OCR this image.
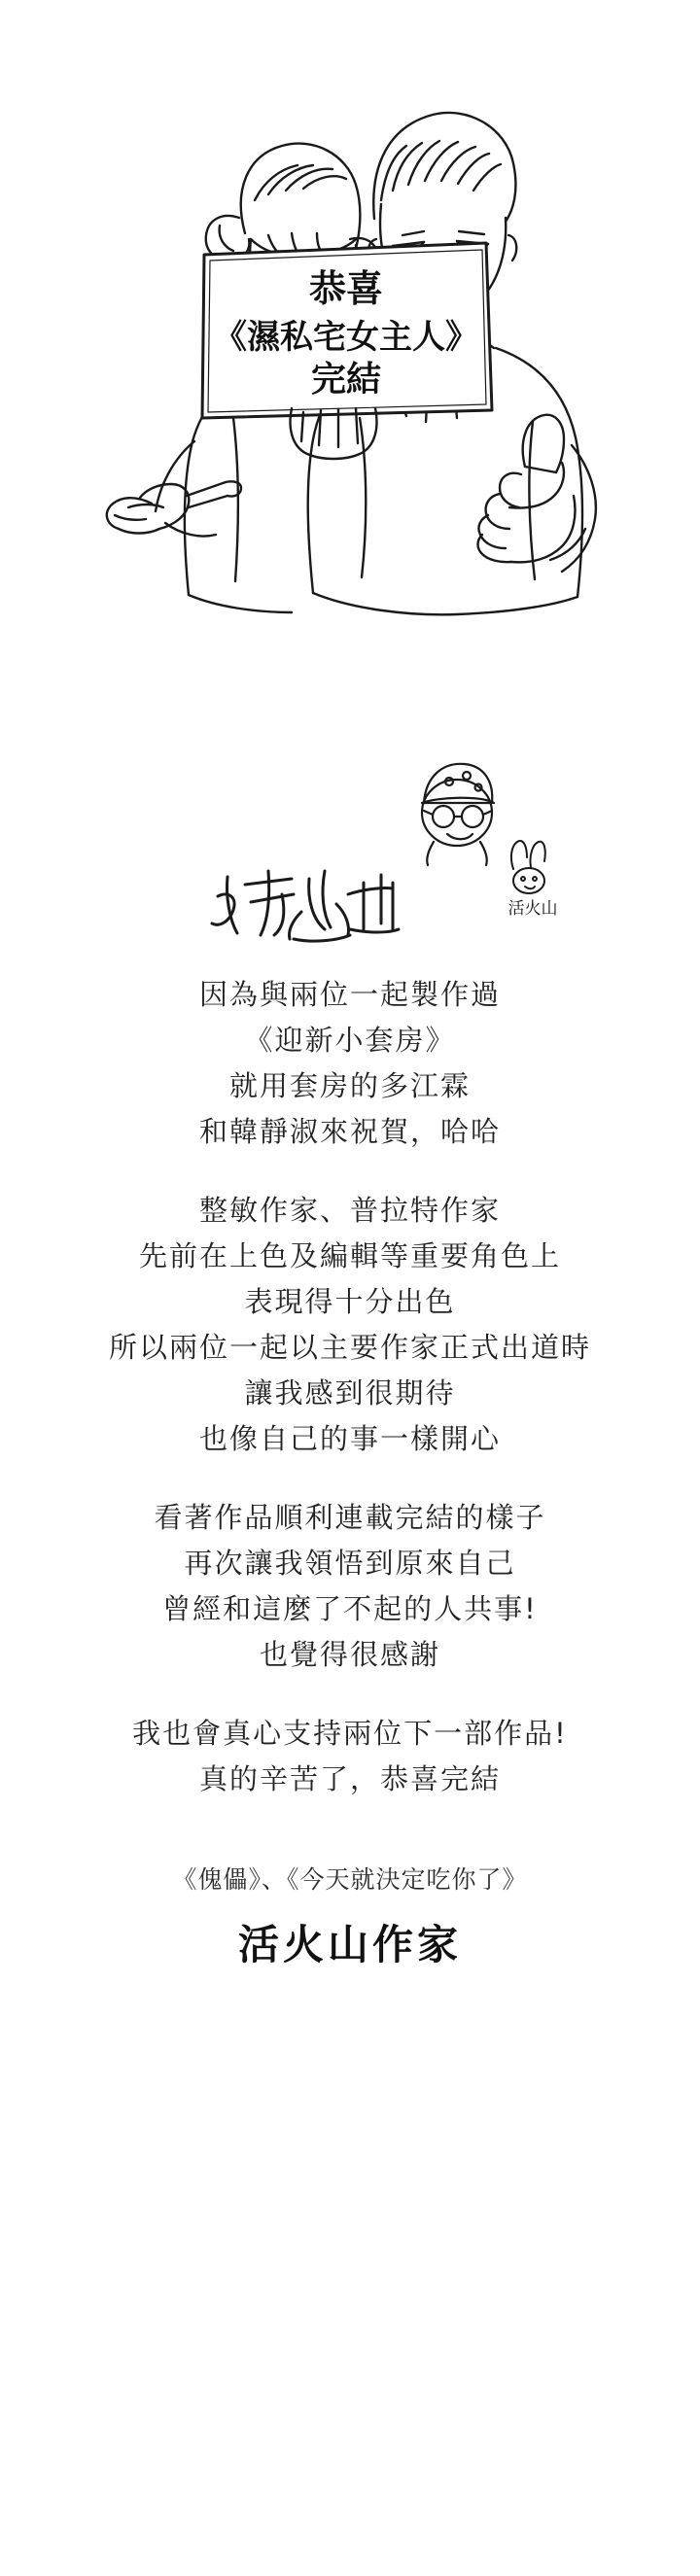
恭喜
《濕私宅女主人》
完結
活火山
因為與兩位一起製作過
《迎新小套房》
就用套房的多江霖
和韓靜淑來祝賀，哈哈
整敏作家、普拉特作家
先前在上色及編輯等重要角色上
表現得十分出色
所以兩位一起以主要作家正式出道時
讓我感到很期待
也像自己的事一樣開心
看著作品順利連載完結的樣子
再次讓我領悟到原來自己
曾經和這麼了不起的人共事!
也覺得很感謝
我也會真心支持兩位下一部作品!
真的辛苦了，恭喜完結
《傀儡》、《今天就決定吃你了》
活火山作家
